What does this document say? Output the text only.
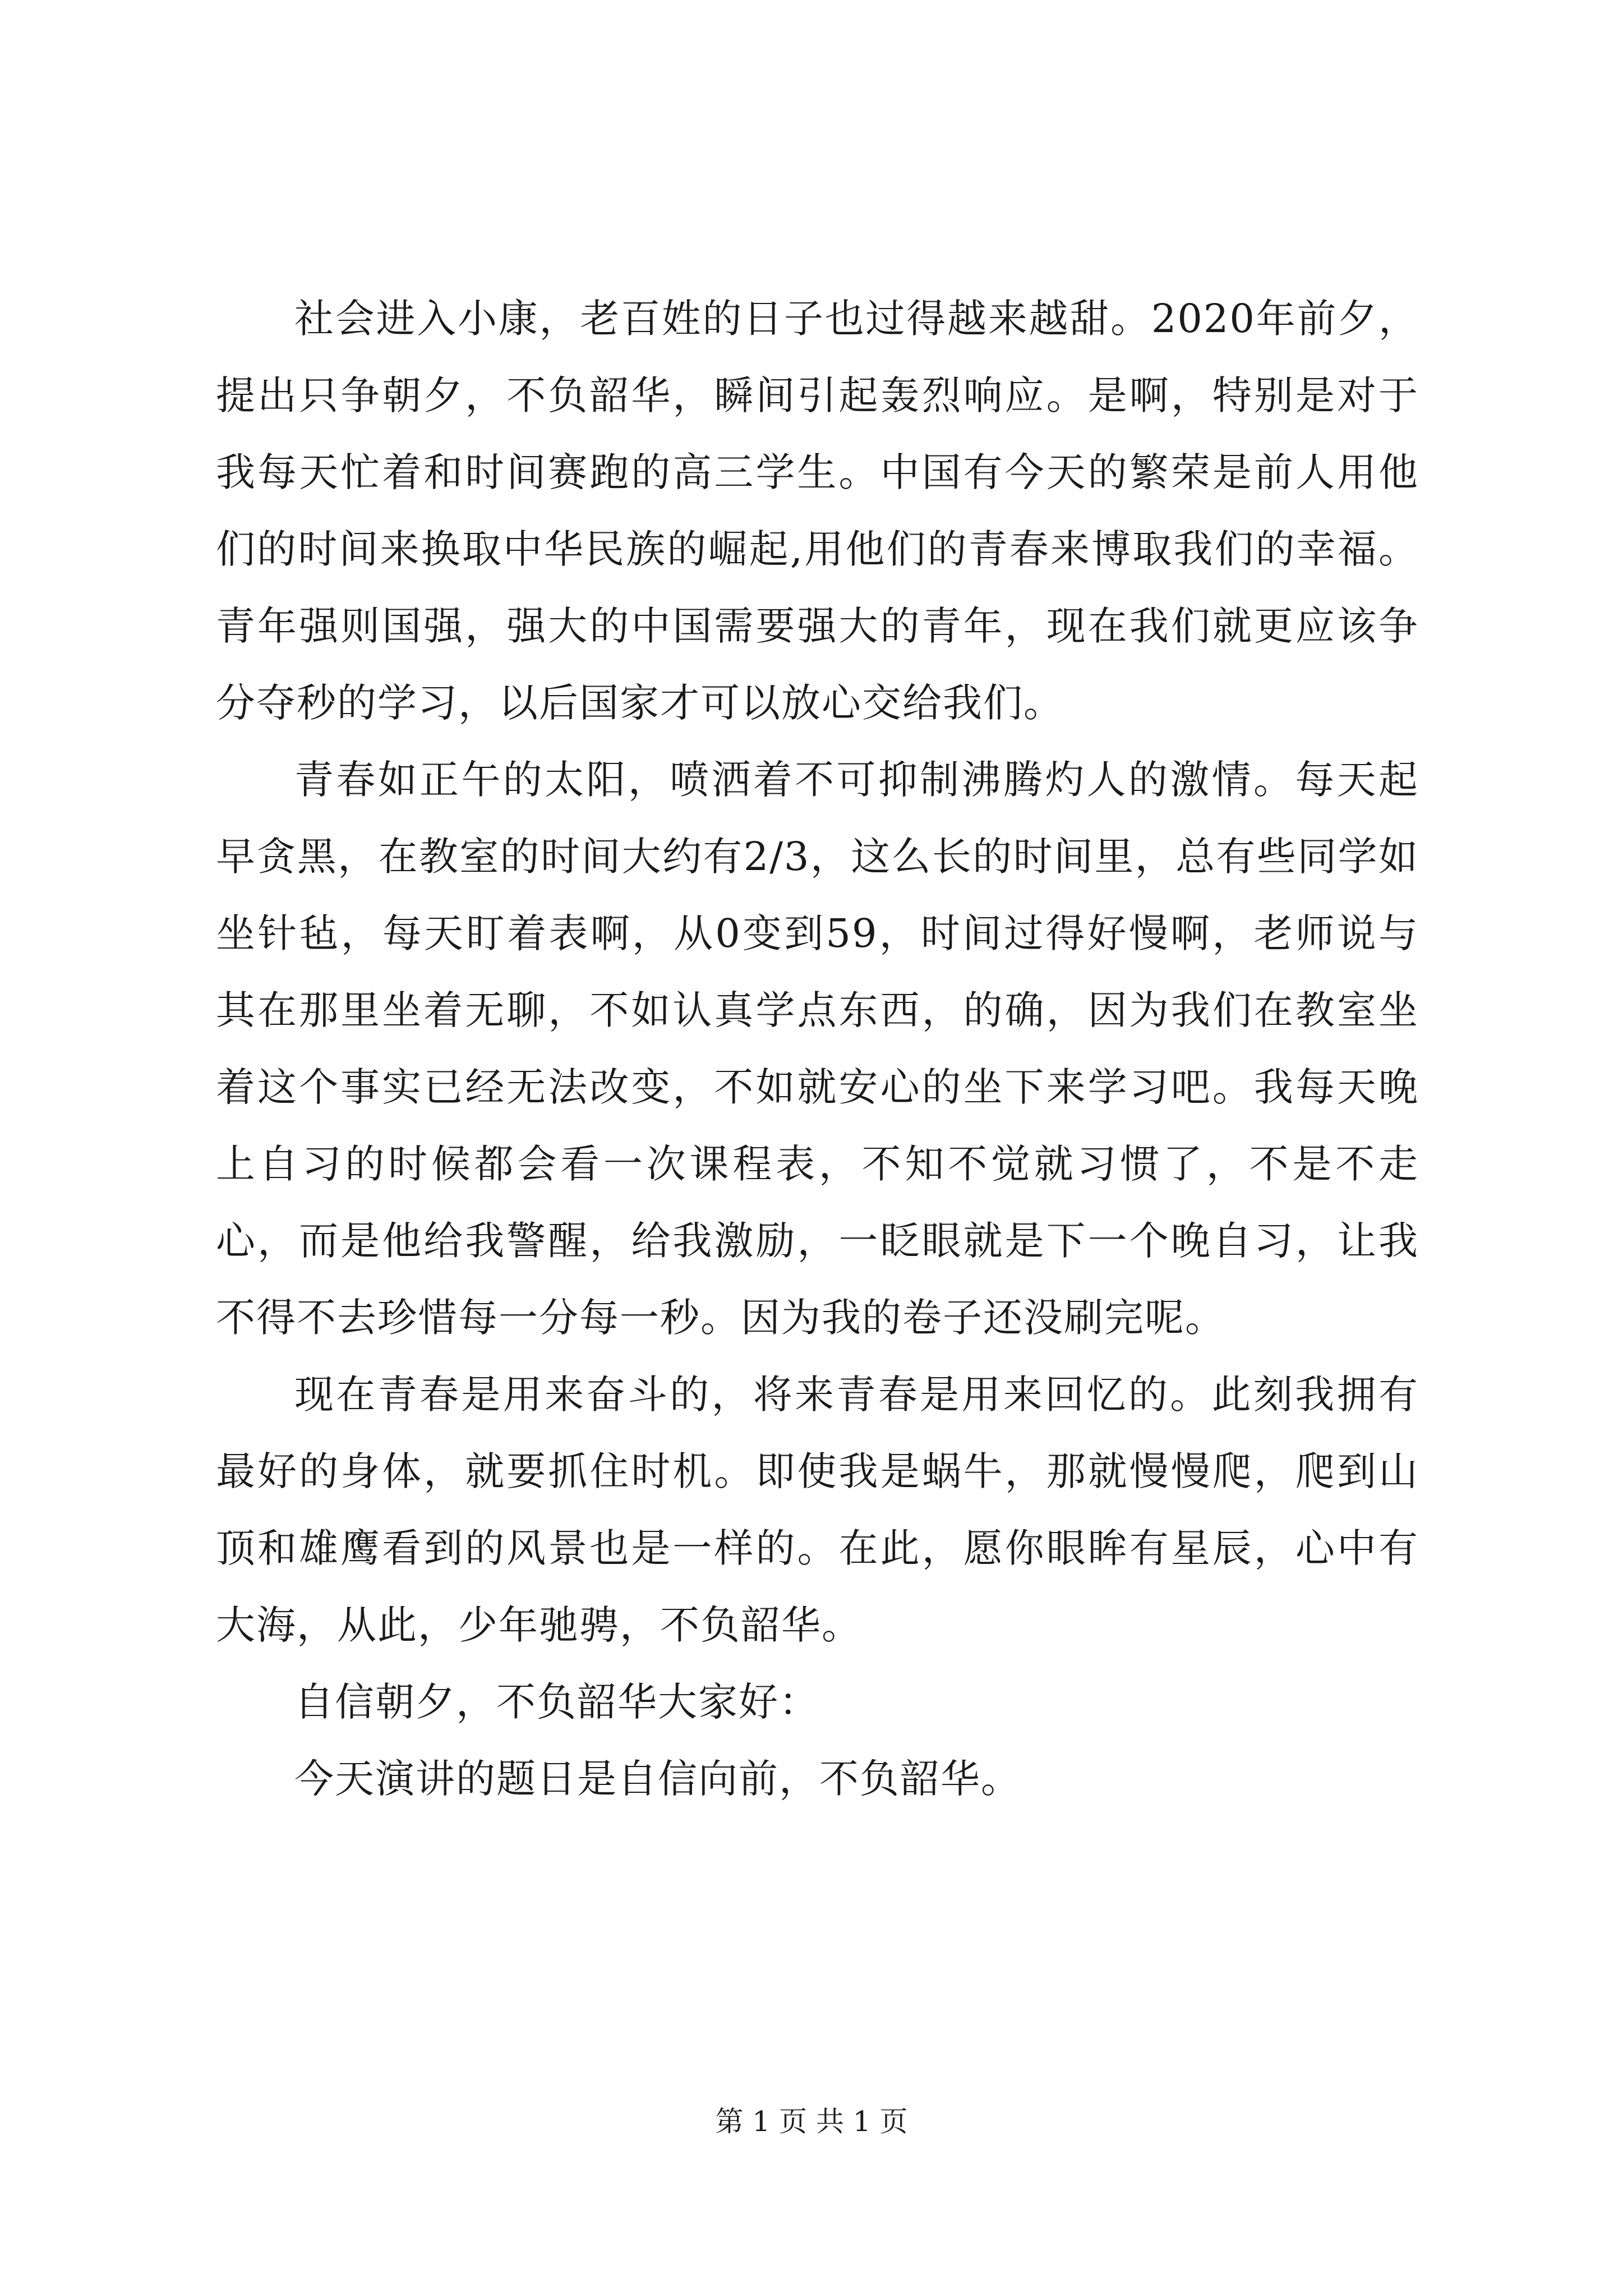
社会进入小康，老百姓的日子也过得越来越甜。2020年前夕，提出只争朝夕，不负韶华，瞬间引起轰烈响应。是啊，特别是对于我每天忙着和时间赛跑的高三学生。中国有今天的繁荣是前人用他们的时间来换取中华民族的崛起,用他们的青春来博取我们的幸福。青年强则国强，强大的中国需要强大的青年，现在我们就更应该争分夺秒的学习，以后国家才可以放心交给我们。

青春如正午的太阳，喷洒着不可抑制沸腾灼人的激情。每天起早贪黑，在教室的时间大约有2/3，这么长的时间里，总有些同学如坐针毡，每天盯着表啊，从0变到59，时间过得好慢啊，老师说与其在那里坐着无聊，不如认真学点东西，的确，因为我们在教室坐着这个事实已经无法改变，不如就安心的坐下来学习吧。我每天晚上自习的时候都会看一次课程表，不知不觉就习惯了，不是不走心，而是他给我警醒，给我激励，一眨眼就是下一个晚自习，让我不得不去珍惜每一分每一秒。因为我的卷子还没刷完呢。

现在青春是用来奋斗的，将来青春是用来回忆的。此刻我拥有最好的身体，就要抓住时机。即使我是蜗牛，那就慢慢爬，爬到山顶和雄鹰看到的风景也是一样的。在此，愿你眼眸有星辰，心中有大海，从此，少年驰骋，不负韶华。

自信朝夕，不负韶华大家好：

今天演讲的题日是自信向前，不负韶华。

第 1 页 共 1 页
